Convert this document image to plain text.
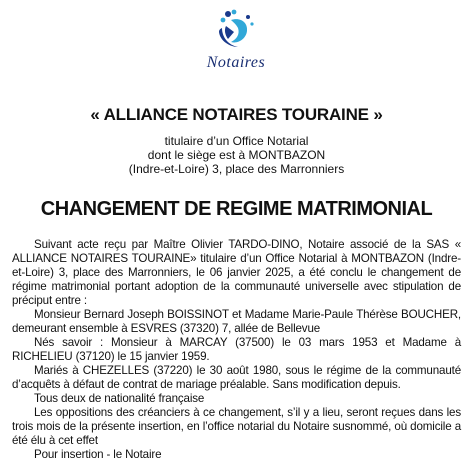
Notaires
« ALLIANCE NOTAIRES TOURAINE »
titulaire d’un Office Notarial
dont le siège est à MONTBAZON
(Indre-et-Loire) 3, place des Marronniers
CHANGEMENT DE REGIME MATRIMONIAL

Suivant acte reçu par Maître Olivier TARDO-DINO, Notaire associé de la SAS « ALLIANCE NOTAIRES TOURAINE» titulaire d’un Office Notarial à MONTBAZON (Indre-et-Loire) 3, place des Marronniers, le 06 janvier 2025, a été conclu le changement de régime matrimonial portant adoption de la communauté universelle avec stipulation de préciput entre :

Monsieur Bernard Joseph BOISSINOT et Madame Marie-Paule Thérèse BOUCHER, demeurant ensemble à ESVRES (37320) 7, allée de Bellevue

Nés savoir : Monsieur à MARCAY (37500) le 03 mars 1953 et Madame à RICHELIEU (37120) le 15 janvier 1959.

Mariés à CHEZELLES (37220) le 30 août 1980, sous le régime de la communauté d’acquêts à défaut de contrat de mariage préalable. Sans modification depuis.

Tous deux de nationalité française

Les oppositions des créanciers à ce changement, s’il y a lieu, seront reçues dans les trois mois de la présente insertion, en l’office notarial du Notaire susnommé, où domicile a été élu à cet effet

Pour insertion - le Notaire
